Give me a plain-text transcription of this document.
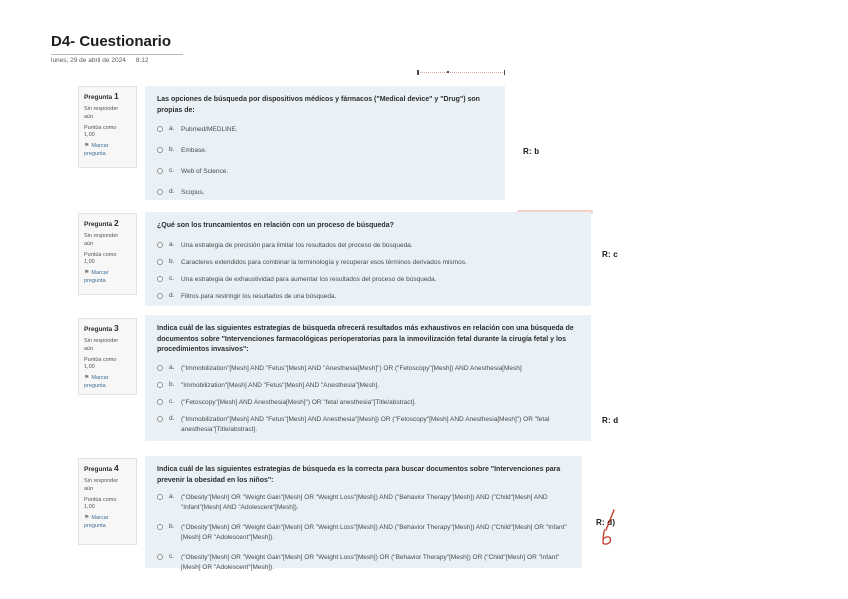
D4- Cuestionario
lunes, 29 de abril de 2024 8:12
Pregunta 1
Sin responder aún
Puntúa como 1,00
⚑ Marcar pregunta
Las opciones de búsqueda por dispositivos médicos y fármacos ("Medical device" y "Drug") son propias de:
a.	Pubmed/MEDLINE.
b.	Embase.
c.	Web of Science.
d.	Scopus.
R: b
Pregunta 2
Sin responder aún
Puntúa como 1,00
⚑ Marcar pregunta
¿Qué son los truncamientos en relación con un proceso de búsqueda?
a.	Una estrategia de precisión para limitar los resultados del proceso de búsqueda.
b.	Caracteres extendidos para combinar la terminología y recuperar esos términos derivados mismos.
c.	Una estrategia de exhaustividad para aumentar los resultados del proceso de búsqueda.
d.	Filtros para restringir los resultados de una búsqueda.
R: c
Pregunta 3
Sin responder aún
Puntúa como 1,00
⚑ Marcar pregunta
Indica cuál de las siguientes estrategias de búsqueda ofrecerá resultados más exhaustivos en relación con una búsqueda de documentos sobre "Intervenciones farmacológicas perioperatorias para la inmovilización fetal durante la cirugía fetal y los procedimientos invasivos":
a.	("Immobilization"[Mesh] AND "Fetus"[Mesh] AND "Anesthesia[Mesh]") OR ("Fetoscopy"[Mesh]) AND Anesthesia[Mesh]
b.	"Immobilization"[Mesh] AND "Fetus"[Mesh] AND "Anesthesia"[Mesh].
c.	("Fetoscopy"[Mesh] AND Anesthesia[Mesh]") OR "fetal anesthesia"[Title/abstract].
d.	("Immobilization"[Mesh] AND "Fetus"[Mesh] AND Anesthesia"[Mesh]) OR ("Fetoscopy"[Mesh] AND Anesthesia[Mesh]") OR "fetal anesthesia"[Title/abstract].
R: d
Pregunta 4
Sin responder aún
Puntúa como 1,00
⚑ Marcar pregunta
Indica cuál de las siguientes estrategias de búsqueda es la correcta para buscar documentos sobre "Intervenciones para prevenir la obesidad en los niños":
a.	("Obesity"[Mesh] OR "Weight Gain"[Mesh] OR "Weight Loss"[Mesh]) AND ("Behavior Therapy"[Mesh]) AND ("Child"[Mesh] AND "Infant"[Mesh] AND "Adolescent"[Mesh]).
b.	("Obesity"[Mesh] OR "Weight Gain"[Mesh] OR "Weight Loss"[Mesh]) AND ("Behavior Therapy"[Mesh]) AND ("Child"[Mesh] OR "Infant"[Mesh] OR "Adolescent"[Mesh]).
c.	("Obesity"[Mesh] OR "Weight Gain"[Mesh] OR "Weight Loss"[Mesh]) OR ("Behavior Therapy"[Mesh]) OR ("Child"[Mesh] OR "Infant"[Mesh] OR "Adolescent"[Mesh]).
R: d)
